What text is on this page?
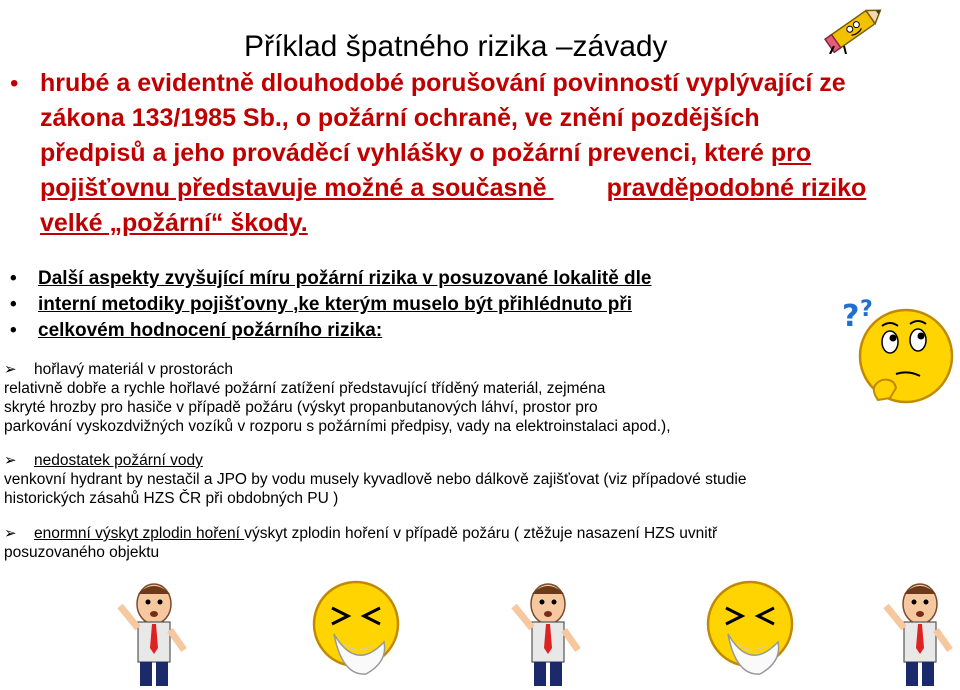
Příklad špatného rizika –závady
• hrubé a evidentně dlouhodobé porušování povinností vyplývající ze
zákona 133/1985 Sb., o požární ochraně, ve znění pozdějších
předpisů a jeho prováděcí vyhlášky o požární prevenci, které pro
pojišťovnu představuje možné a současně pravděpodobné riziko
velké „požární“ škody.
• Další aspekty zvyšující míru požární rizika v posuzované lokalitě dle
• interní metodiky pojišťovny ,ke kterým muselo být přihlédnuto při
• celkovém hodnocení požárního rizika:	? ?
➢ hořlavý materiál v prostorách
relativně dobře a rychle hořlavé požární zatížení představující tříděný materiál, zejména
skryté hrozby pro hasiče v případě požáru (výskyt propanbutanových láhví, prostor pro
parkování vyskozdvižných vozíků v rozporu s požárními předpisy, vady na elektroinstalaci apod.),
➢ nedostatek požární vody
venkovní hydrant by nestačil a JPO by vodu musely kyvadlově nebo dálkově zajišťovat (viz případové studie
historických zásahů HZS ČR při obdobných PU )
➢ enormní výskyt zplodin hoření výskyt zplodin hoření v případě požáru ( ztěžuje nasazení HZS uvnitř
posuzovaného objektu
